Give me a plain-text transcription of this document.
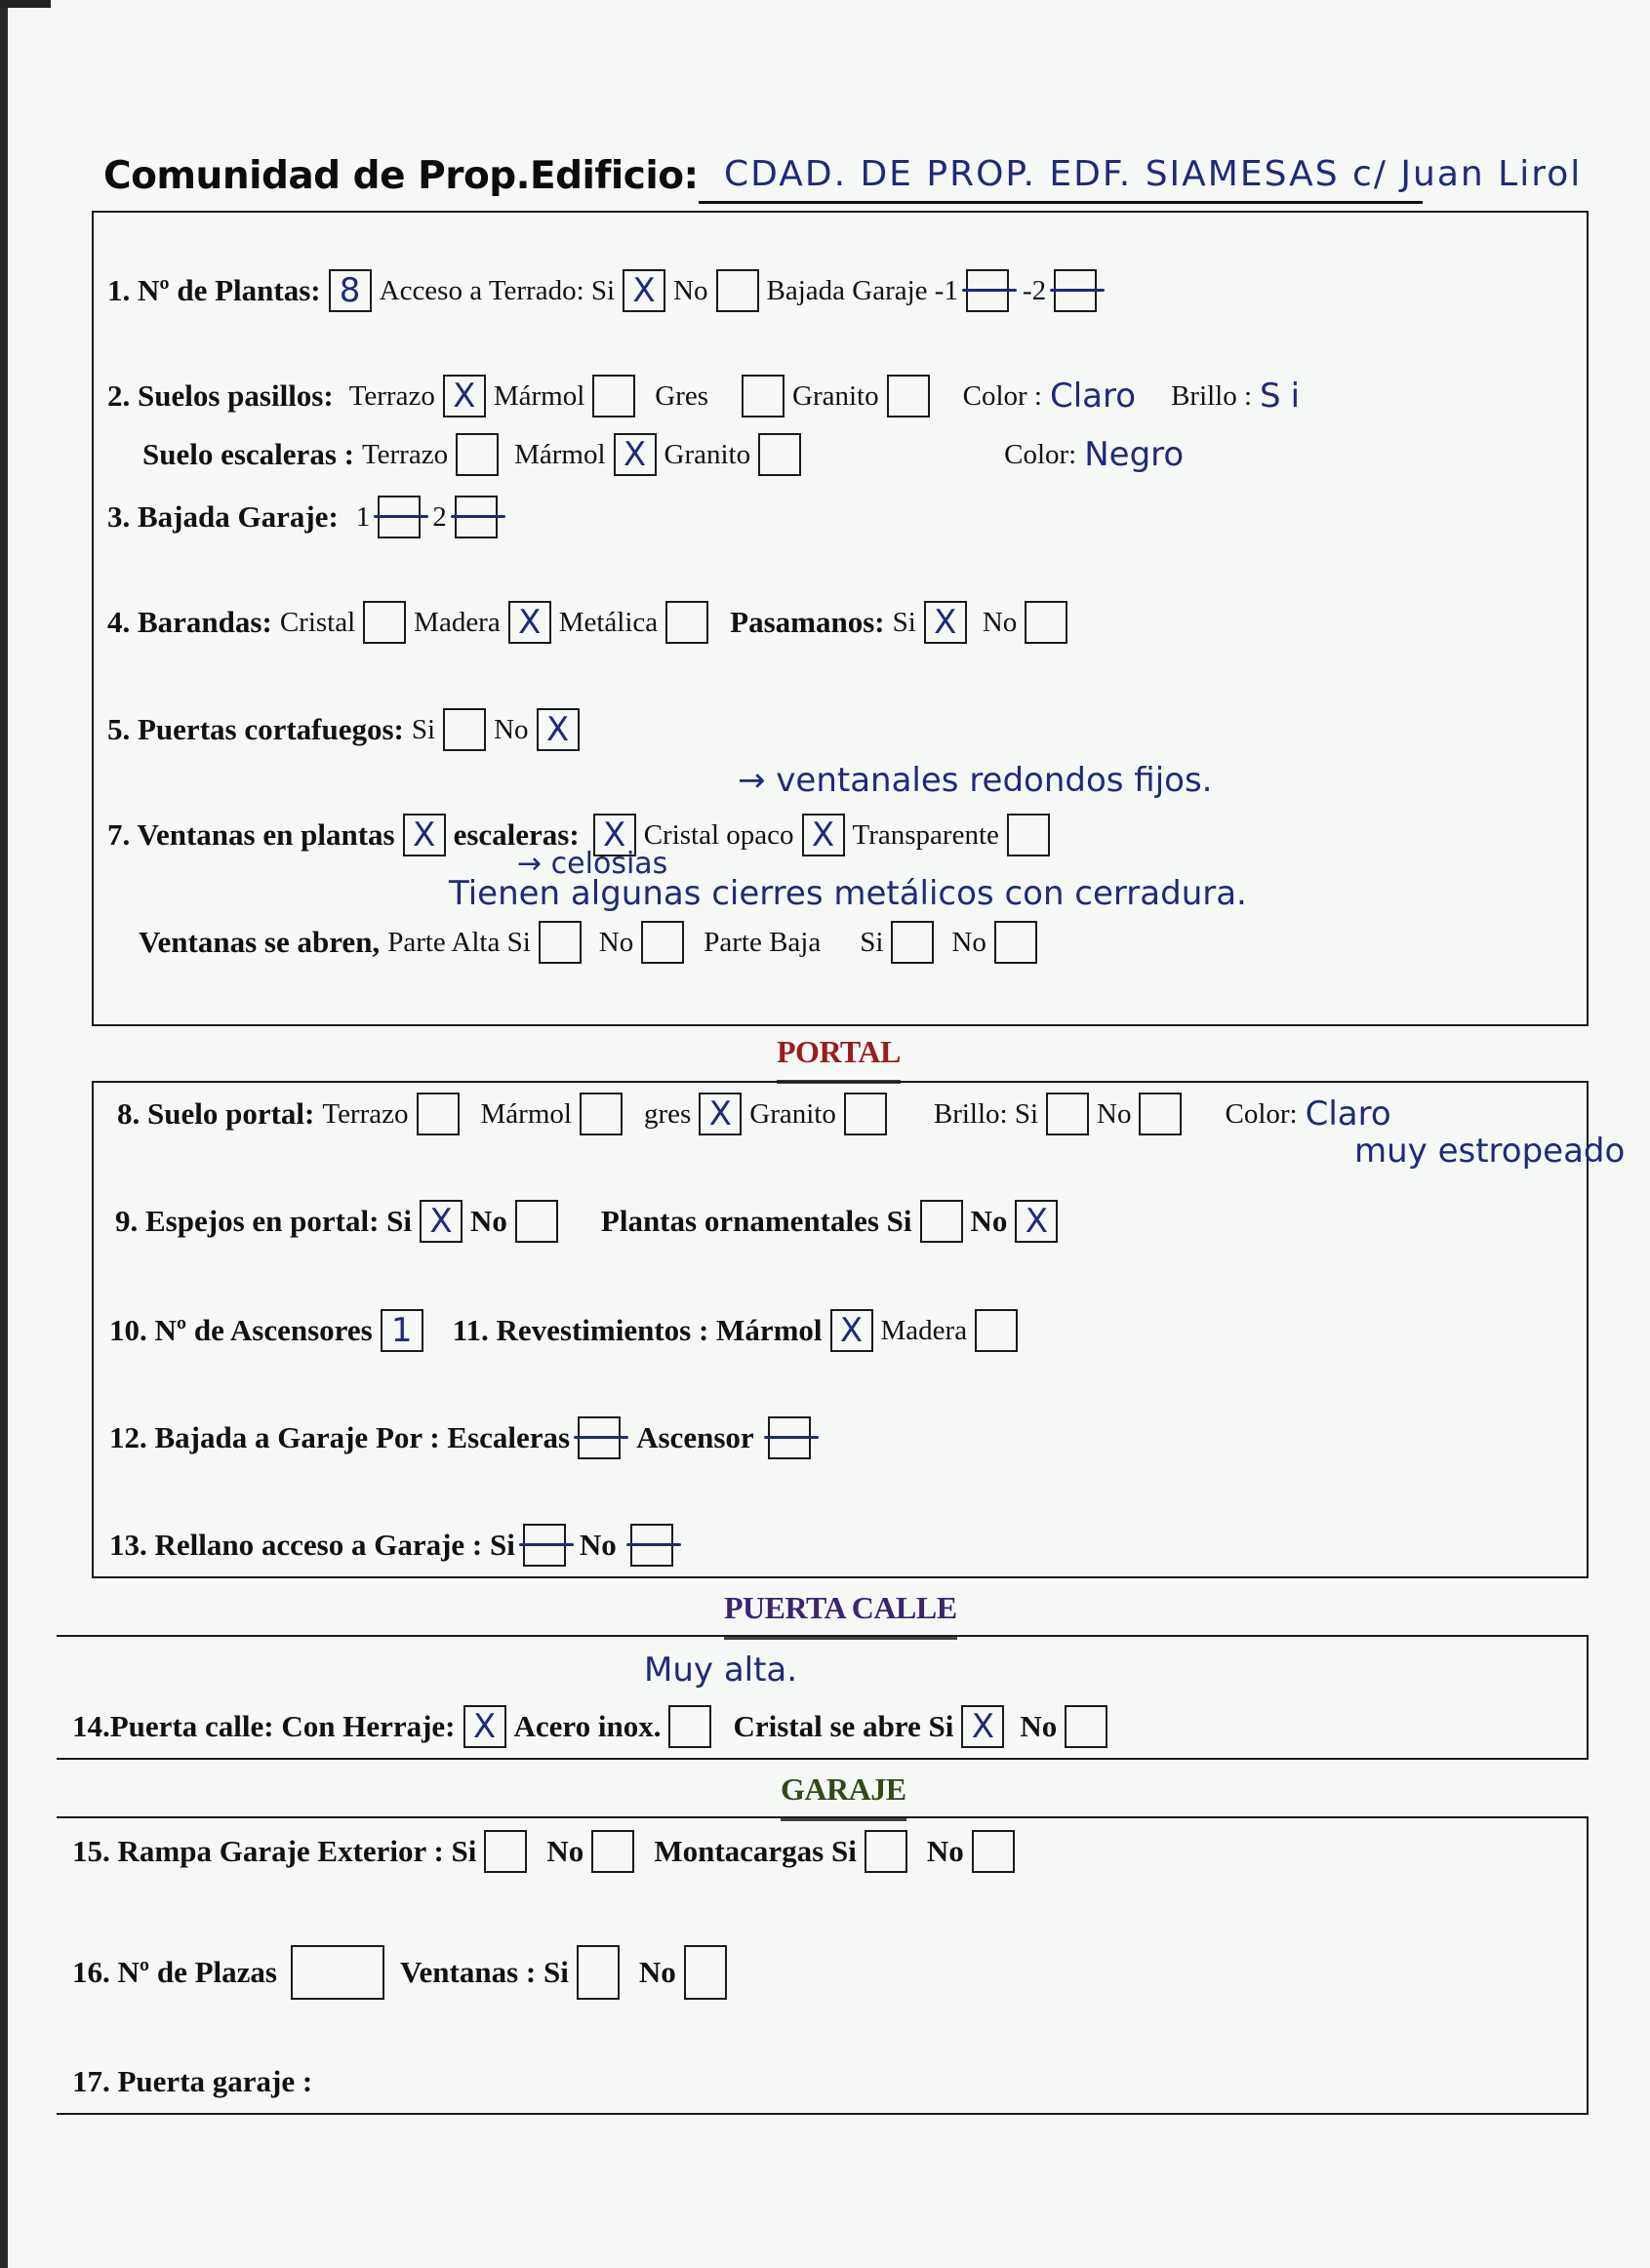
Comunidad de Prop.Edificio: CDAD. DE PROP. EDF. SIAMESAS c/ Juan Lirol
1. Nº de Plantas: 8 Acceso a Terrado: Si X No Bajada Garaje -1 -2
2. Suelos pasillos: Terrazo X Mármol Gres	Granito	Color : Claro Brillo : Si
Suelo escaleras : Terrazo Mármol X Granito	Color: Negro
3. Bajada Garaje: 1 2
4. Barandas: Cristal Madera X Metálica Pasamanos: Si X No
5. Puertas cortafuegos: Si No X
→ ventanales redondos fijos.
→ celosias
Tienen algunas cierres metálicos con cerradura.
7. Ventanas en plantas X escaleras: X Cristal opaco X Transparente
Ventanas se abren, Parte Alta Si No Parte Baja Si No
PORTAL
8. Suelo portal: Terrazo	Mármol	gres X Granito	Brillo: Si No	Color: Claro
muy estropeado
9. Espejos en portal: Si X No	Plantas ornamentales Si No X
10. Nº de Ascensores 1	11. Revestimientos : Mármol X Madera
12. Bajada a Garaje Por : Escaleras Ascensor
13. Rellano acceso a Garaje : Si No
PUERTA CALLE
Muy alta.
14.Puerta calle: Con Herraje: X Acero inox. Cristal se abre Si X No
GARAJE
15. Rampa Garaje Exterior : Si No Montacargas Si No
16. Nº de Plazas	Ventanas : Si No
17. Puerta garaje :
